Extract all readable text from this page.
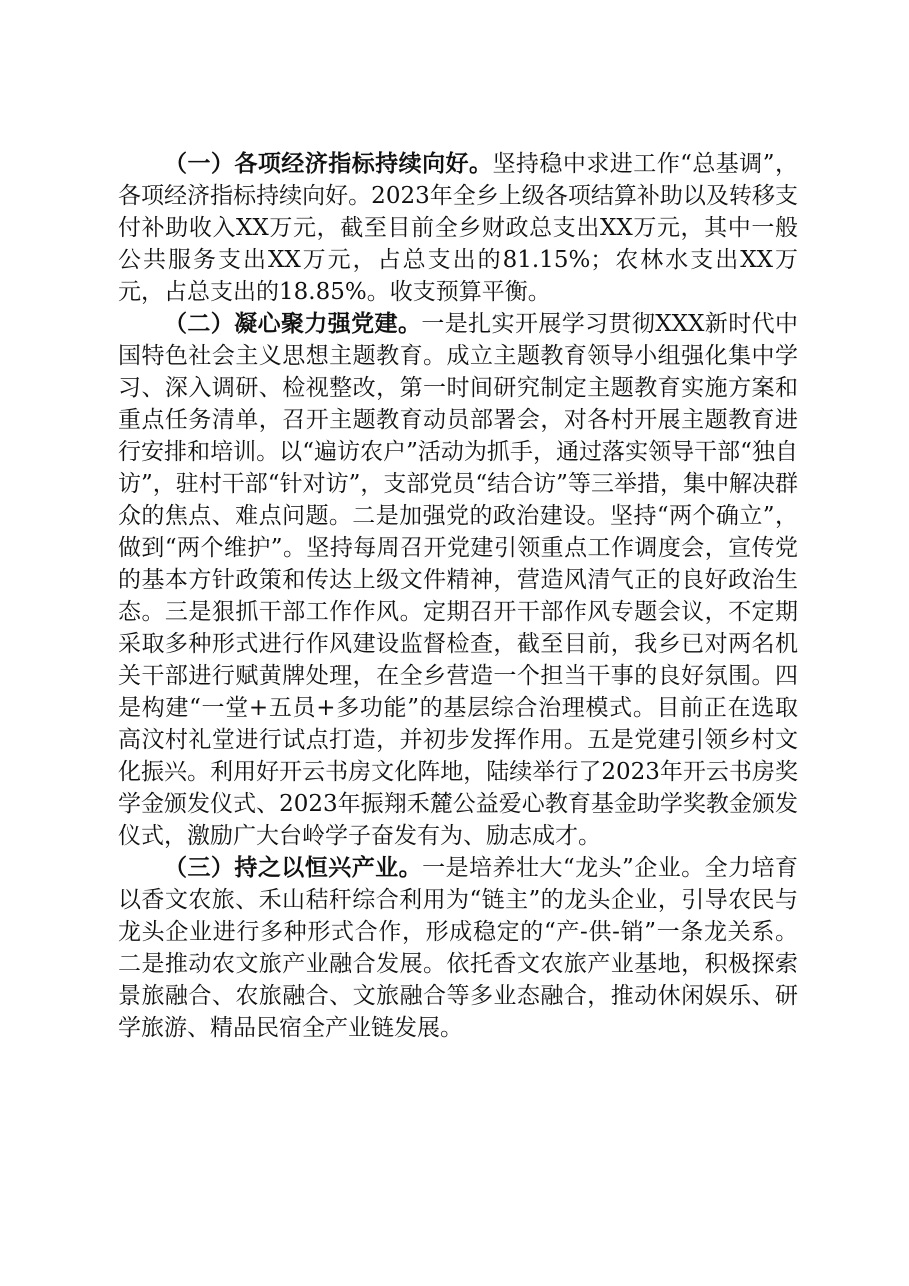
（一）各项经济指标持续向好。坚持稳中求进工作“总基调”，各项经济指标持续向好。2023年全乡上级各项结算补助以及转移支付补助收入XX万元，截至目前全乡财政总支出XX万元，其中一般公共服务支出XX万元，占总支出的81.15%；农林水支出XX万元，占总支出的18.85%。收支预算平衡。

（二）凝心聚力强党建。一是扎实开展学习贯彻XXX新时代中国特色社会主义思想主题教育。成立主题教育领导小组强化集中学习、深入调研、检视整改，第一时间研究制定主题教育实施方案和重点任务清单，召开主题教育动员部署会，对各村开展主题教育进行安排和培训。以“遍访农户”活动为抓手，通过落实领导干部“独自访”，驻村干部“针对访”，支部党员“结合访”等三举措，集中解决群众的焦点、难点问题。二是加强党的政治建设。坚持“两个确立”，做到“两个维护”。坚持每周召开党建引领重点工作调度会，宣传党的基本方针政策和传达上级文件精神，营造风清气正的良好政治生态。三是狠抓干部工作作风。定期召开干部作风专题会议，不定期采取多种形式进行作风建设监督检查，截至目前，我乡已对两名机关干部进行赋黄牌处理，在全乡营造一个担当干事的良好氛围。四是构建“一堂+五员+多功能”的基层综合治理模式。目前正在选取高汶村礼堂进行试点打造，并初步发挥作用。五是党建引领乡村文化振兴。利用好开云书房文化阵地，陆续举行了2023年开云书房奖学金颁发仪式、2023年振翔禾麓公益爱心教育基金助学奖教金颁发仪式，激励广大台岭学子奋发有为、励志成才。

（三）持之以恒兴产业。一是培养壮大“龙头”企业。全力培育以香文农旅、禾山秸秆综合利用为“链主”的龙头企业，引导农民与龙头企业进行多种形式合作，形成稳定的“产-供-销”一条龙关系。二是推动农文旅产业融合发展。依托香文农旅产业基地，积极探索景旅融合、农旅融合、文旅融合等多业态融合，推动休闲娱乐、研学旅游、精品民宿全产业链发展。
